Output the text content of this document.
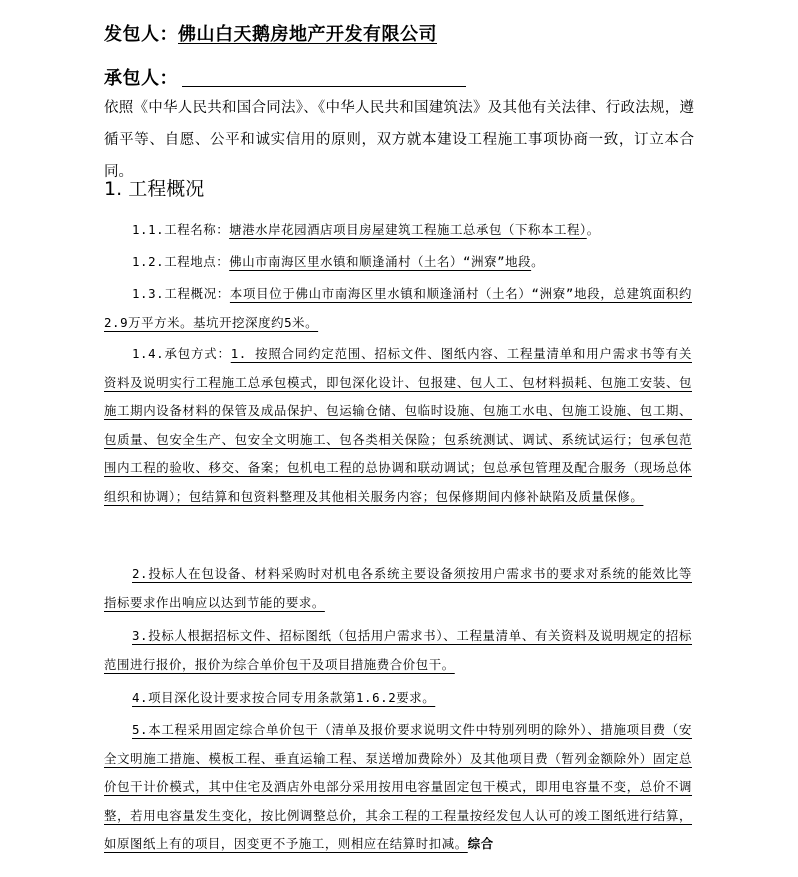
发包人：佛山白天鹅房地产开发有限公司
承包人：
依照《中华人民共和国合同法》、《中华人民共和国建筑法》及其他有关法律、行政法规，遵循平等、自愿、公平和诚实信用的原则，双方就本建设工程施工事项协商一致，订立本合同。
1. 工程概况
1.1.工程名称：塘港水岸花园酒店项目房屋建筑工程施工总承包（下称本工程）。
1.2.工程地点：佛山市南海区里水镇和顺逢涌村（土名）“洲寮”地段。
1.3.工程概况：本项目位于佛山市南海区里水镇和顺逢涌村（土名）“洲寮”地段，总建筑面积约2.9万平方米。基坑开挖深度约5米。
1.4.承包方式：1. 按照合同约定范围、招标文件、图纸内容、工程量清单和用户需求书等有关资料及说明实行工程施工总承包模式，即包深化设计、包报建、包人工、包材料损耗、包施工安装、包施工期内设备材料的保管及成品保护、包运输仓储、包临时设施、包施工水电、包施工设施、包工期、包质量、包安全生产、包安全文明施工、包各类相关保险；包系统测试、调试、系统试运行；包承包范围内工程的验收、移交、备案；包机电工程的总协调和联动调试；包总承包管理及配合服务（现场总体组织和协调）；包结算和包资料整理及其他相关服务内容；包保修期间内修补缺陷及质量保修。
2.投标人在包设备、材料采购时对机电各系统主要设备须按用户需求书的要求对系统的能效比等指标要求作出响应以达到节能的要求。
3.投标人根据招标文件、招标图纸（包括用户需求书）、工程量清单、有关资料及说明规定的招标范围进行报价，报价为综合单价包干及项目措施费合价包干。
4.项目深化设计要求按合同专用条款第1.6.2要求。
5.本工程采用固定综合单价包干（清单及报价要求说明文件中特别列明的除外）、措施项目费（安全文明施工措施、模板工程、垂直运输工程、泵送增加费除外）及其他项目费（暂列金额除外）固定总价包干计价模式，其中住宅及酒店外电部分采用按用电容量固定包干模式，即用电容量不变，总价不调整，若用电容量发生变化，按比例调整总价，其余工程的工程量按经发包人认可的竣工图纸进行结算，如原图纸上有的项目，因变更不予施工，则相应在结算时扣减。综合
